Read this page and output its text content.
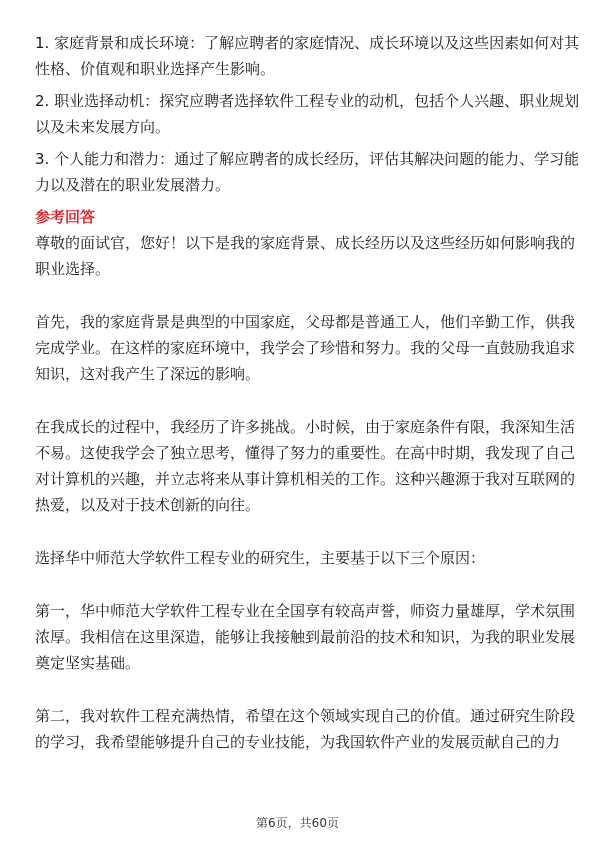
1. 家庭背景和成长环境：了解应聘者的家庭情况、成长环境以及这些因素如何对其

性格、价值观和职业选择产生影响。

2. 职业选择动机：探究应聘者选择软件工程专业的动机，包括个人兴趣、职业规划

以及未来发展方向。

3. 个人能力和潜力：通过了解应聘者的成长经历，评估其解决问题的能力、学习能

力以及潜在的职业发展潜力。

参考回答

尊敬的面试官，您好！以下是我的家庭背景、成长经历以及这些经历如何影响我的

职业选择。

首先，我的家庭背景是典型的中国家庭，父母都是普通工人，他们辛勤工作，供我

完成学业。在这样的家庭环境中，我学会了珍惜和努力。我的父母一直鼓励我追求

知识，这对我产生了深远的影响。

在我成长的过程中，我经历了许多挑战。小时候，由于家庭条件有限，我深知生活

不易。这使我学会了独立思考，懂得了努力的重要性。在高中时期，我发现了自己

对计算机的兴趣，并立志将来从事计算机相关的工作。这种兴趣源于我对互联网的

热爱，以及对于技术创新的向往。

选择华中师范大学软件工程专业的研究生，主要基于以下三个原因：

第一，华中师范大学软件工程专业在全国享有较高声誉，师资力量雄厚，学术氛围

浓厚。我相信在这里深造，能够让我接触到最前沿的技术和知识，为我的职业发展

奠定坚实基础。

第二，我对软件工程充满热情，希望在这个领域实现自己的价值。通过研究生阶段

的学习，我希望能够提升自己的专业技能，为我国软件产业的发展贡献自己的力

第6页，共60页
